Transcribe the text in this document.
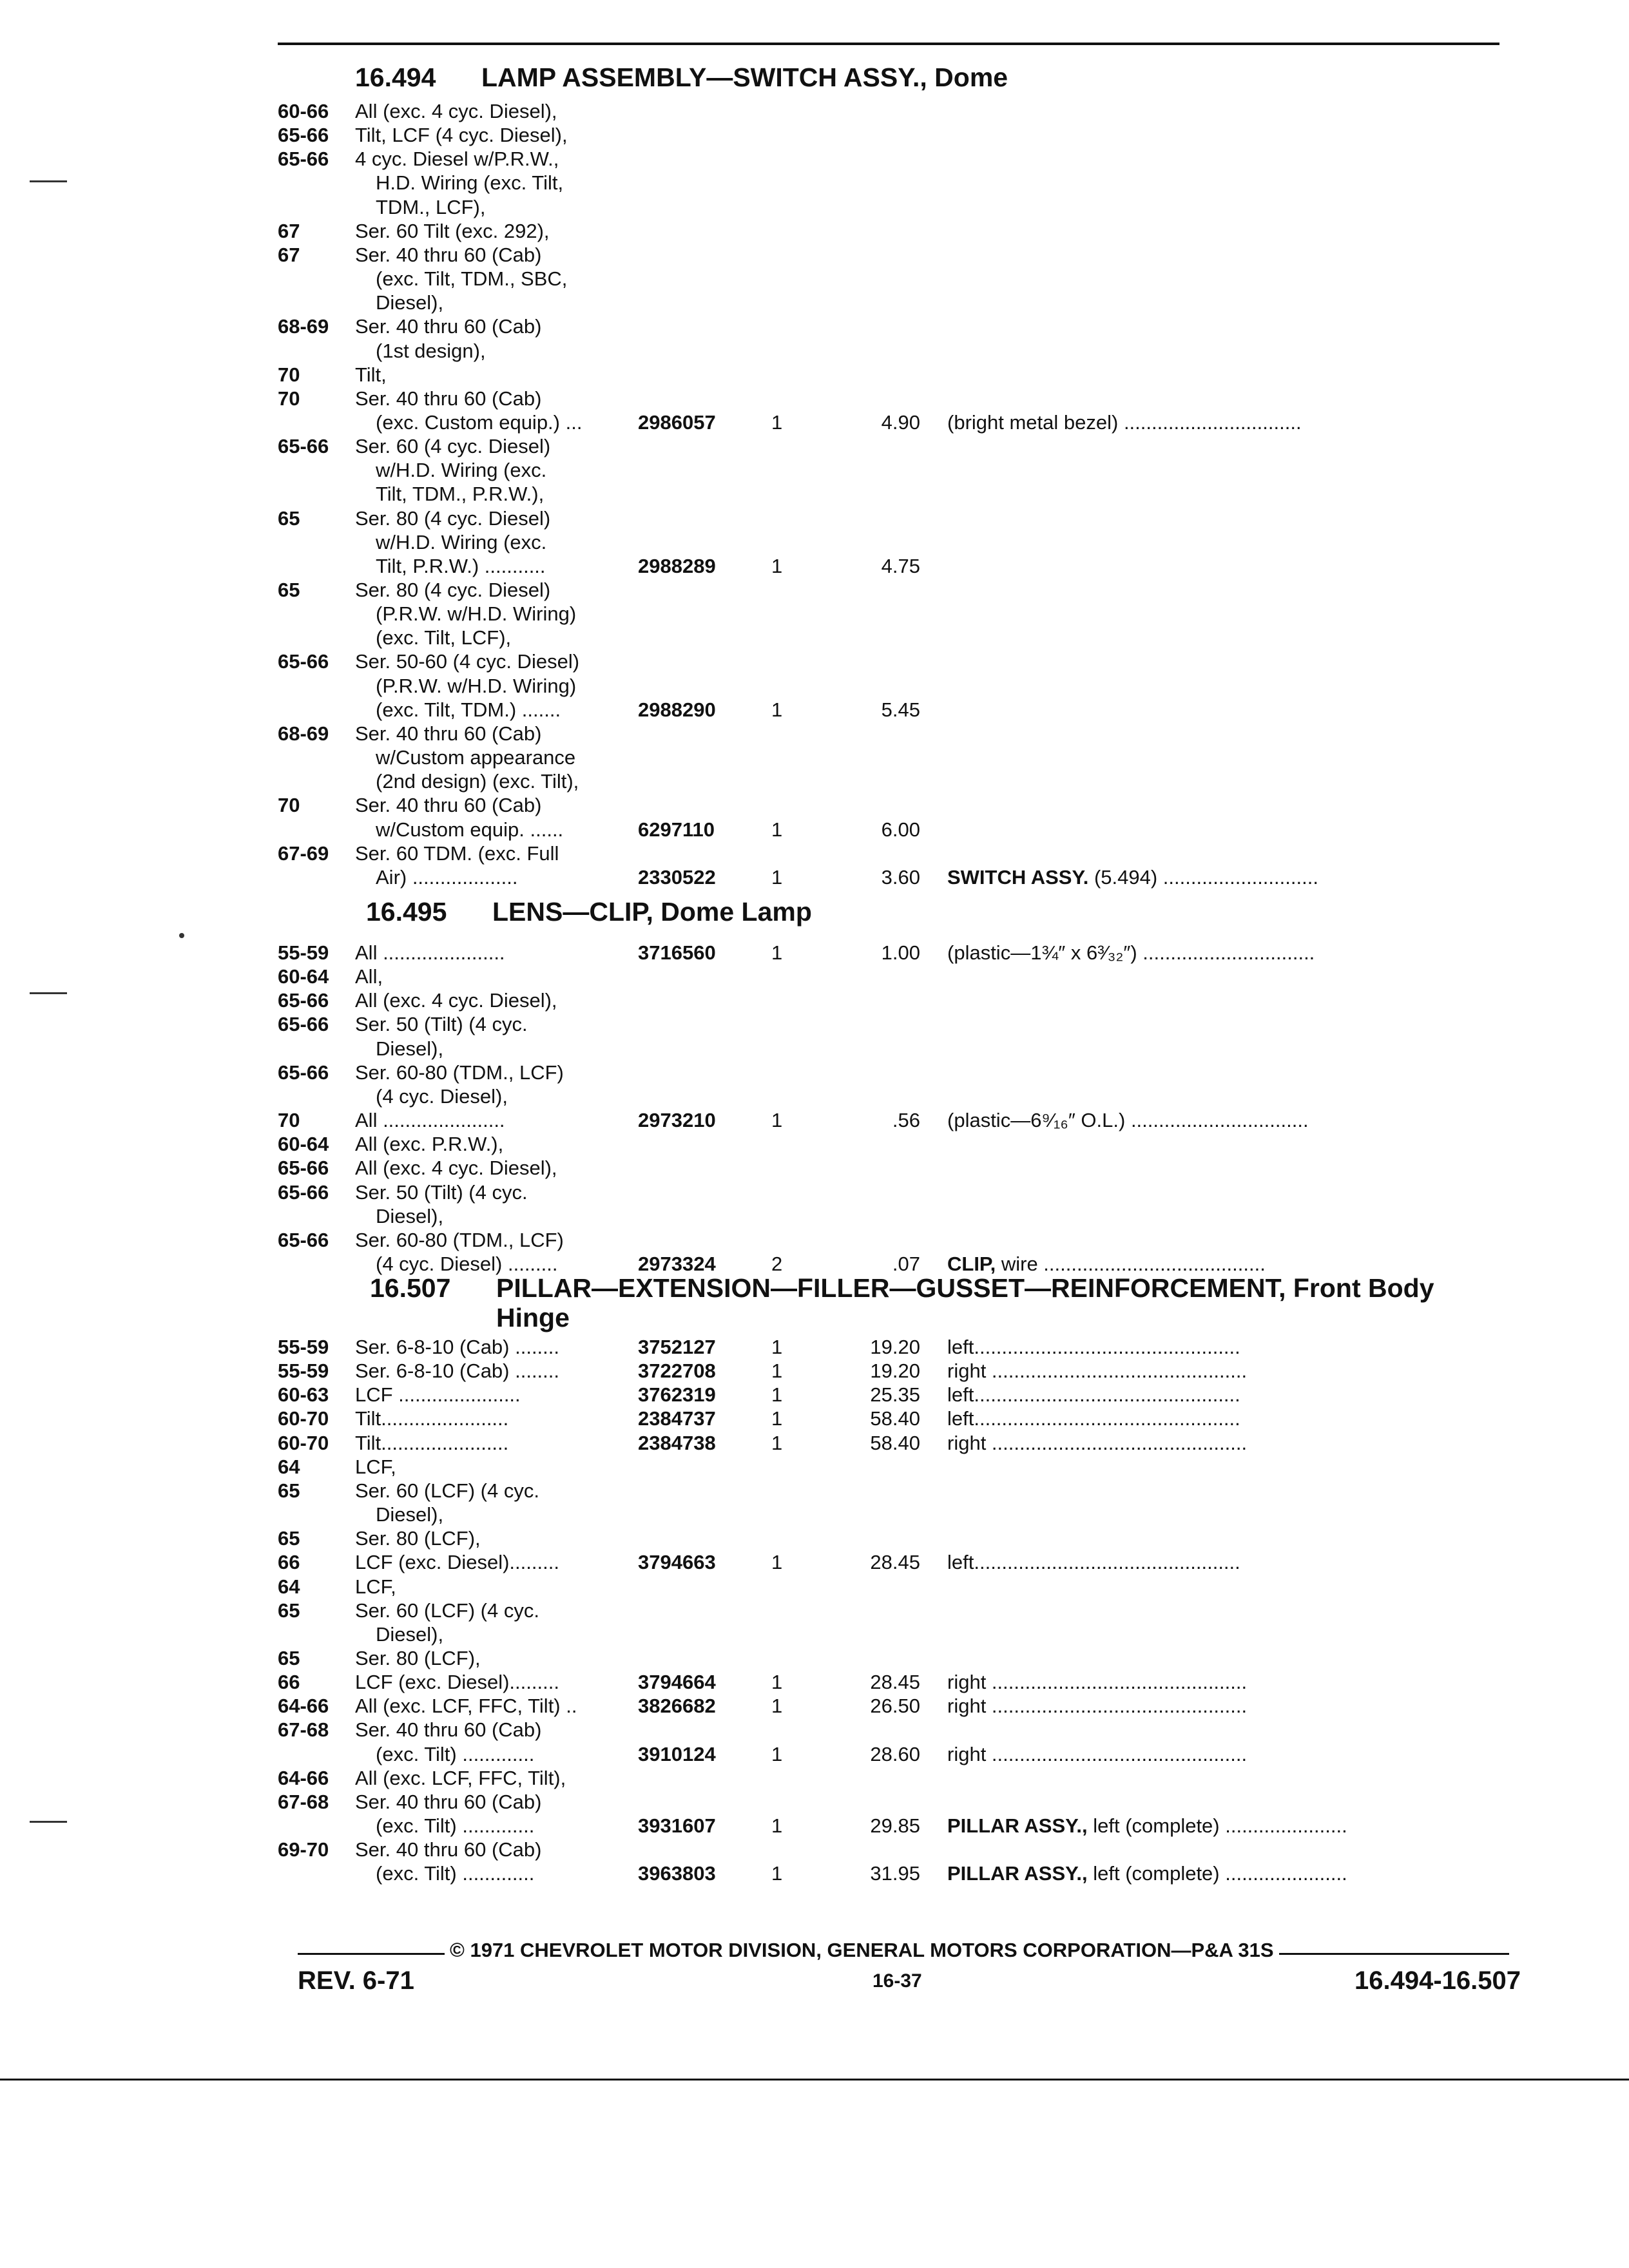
16.494 LAMP ASSEMBLY—SWITCH ASSY., Dome
16.495 LENS—CLIP, Dome Lamp
16.507 PILLAR—EXTENSION—FILLER—GUSSET—REINFORCEMENT, Front Body
Hinge
60-66 All (exc. 4 cyc. Diesel),
65-66 Tilt, LCF (4 cyc. Diesel),
65-66 4 cyc. Diesel w/P.R.W.,
H.D. Wiring (exc. Tilt,
TDM., LCF),
67	Ser. 60 Tilt (exc. 292),
67	Ser. 40 thru 60 (Cab)
(exc. Tilt, TDM., SBC,
Diesel),
68-69 Ser. 40 thru 60 (Cab)
(1st design),
70	Tilt,
70	Ser. 40 thru 60 (Cab)
(exc. Custom equip.) ...	2986057	1	4.90 (bright metal bezel) ................................
65-66 Ser. 60 (4 cyc. Diesel)
w/H.D. Wiring (exc.
Tilt, TDM., P.R.W.),
65	Ser. 80 (4 cyc. Diesel)
w/H.D. Wiring (exc.
Tilt, P.R.W.) ...........	2988289	1	4.75
65	Ser. 80 (4 cyc. Diesel)
(P.R.W. w/H.D. Wiring)
(exc. Tilt, LCF),
65-66 Ser. 50-60 (4 cyc. Diesel)
(P.R.W. w/H.D. Wiring)
(exc. Tilt, TDM.) .......	2988290	1	5.45
68-69 Ser. 40 thru 60 (Cab)
w/Custom appearance
(2nd design) (exc. Tilt),
70	Ser. 40 thru 60 (Cab)
w/Custom equip. ......	6297110	1	6.00
67-69 Ser. 60 TDM. (exc. Full
Air) ...................	2330522	1	3.60 SWITCH ASSY. (5.494) ............................
55-59 All ......................	3716560	1	1.00 (plastic—1¾″ x 6³⁄₃₂″) ...............................
60-64 All,
65-66 All (exc. 4 cyc. Diesel),
65-66 Ser. 50 (Tilt) (4 cyc.
Diesel),
65-66 Ser. 60-80 (TDM., LCF)
(4 cyc. Diesel),
70	All ......................	2973210	1	.56 (plastic—6⁹⁄₁₆″ O.L.) ................................
60-64 All (exc. P.R.W.),
65-66 All (exc. 4 cyc. Diesel),
65-66 Ser. 50 (Tilt) (4 cyc.
Diesel),
65-66 Ser. 60-80 (TDM., LCF)
(4 cyc. Diesel) .........	2973324	2	.07 CLIP, wire ........................................
55-59 Ser. 6-8-10 (Cab) ........	3752127	1	19.20 left................................................
55-59 Ser. 6-8-10 (Cab) ........	3722708	1	19.20 right ..............................................
60-63 LCF ......................	3762319	1	25.35 left................................................
60-70 Tilt.......................	2384737	1	58.40 left................................................
60-70 Tilt.......................	2384738	1	58.40 right ..............................................
64	LCF,
65	Ser. 60 (LCF) (4 cyc.
Diesel),
65	Ser. 80 (LCF),
66	LCF (exc. Diesel).........	3794663	1	28.45 left................................................
64	LCF,
65	Ser. 60 (LCF) (4 cyc.
Diesel),
65	Ser. 80 (LCF),
66	LCF (exc. Diesel).........	3794664	1	28.45 right ..............................................
64-66 All (exc. LCF, FFC, Tilt) ..	3826682	1	26.50 right ..............................................
67-68 Ser. 40 thru 60 (Cab)
(exc. Tilt) .............	3910124	1	28.60 right ..............................................
64-66 All (exc. LCF, FFC, Tilt),
67-68 Ser. 40 thru 60 (Cab)
(exc. Tilt) .............	3931607	1	29.85 PILLAR ASSY., left (complete) ......................
69-70 Ser. 40 thru 60 (Cab)
(exc. Tilt) .............	3963803	1	31.95 PILLAR ASSY., left (complete) ......................
© 1971 CHEVROLET MOTOR DIVISION, GENERAL MOTORS CORPORATION—P&A 31S
REV. 6-71	16-37	16.494-16.507
